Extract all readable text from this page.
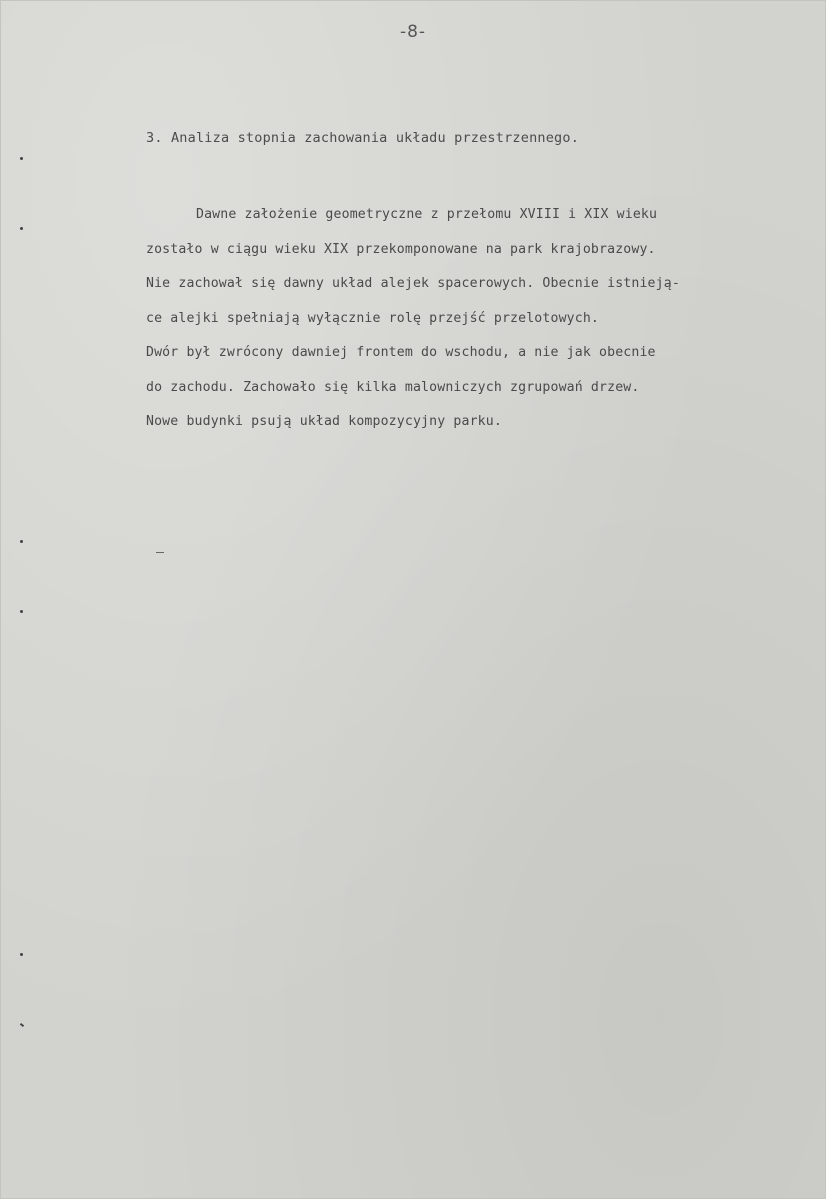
-8-
3. Analiza stopnia zachowania układu przestrzennego.
Dawne założenie geometryczne z przełomu XVIII i XIX wieku
zostało w ciągu wieku XIX przekomponowane na park krajobrazowy.
Nie zachował się dawny układ alejek spacerowych. Obecnie istnieją-
ce alejki spełniają wyłącznie rolę przejść przelotowych.
Dwór był zwrócony dawniej frontem do wschodu, a nie jak obecnie
do zachodu. Zachowało się kilka malowniczych zgrupowań drzew.
Nowe budynki psują układ kompozycyjny parku.
